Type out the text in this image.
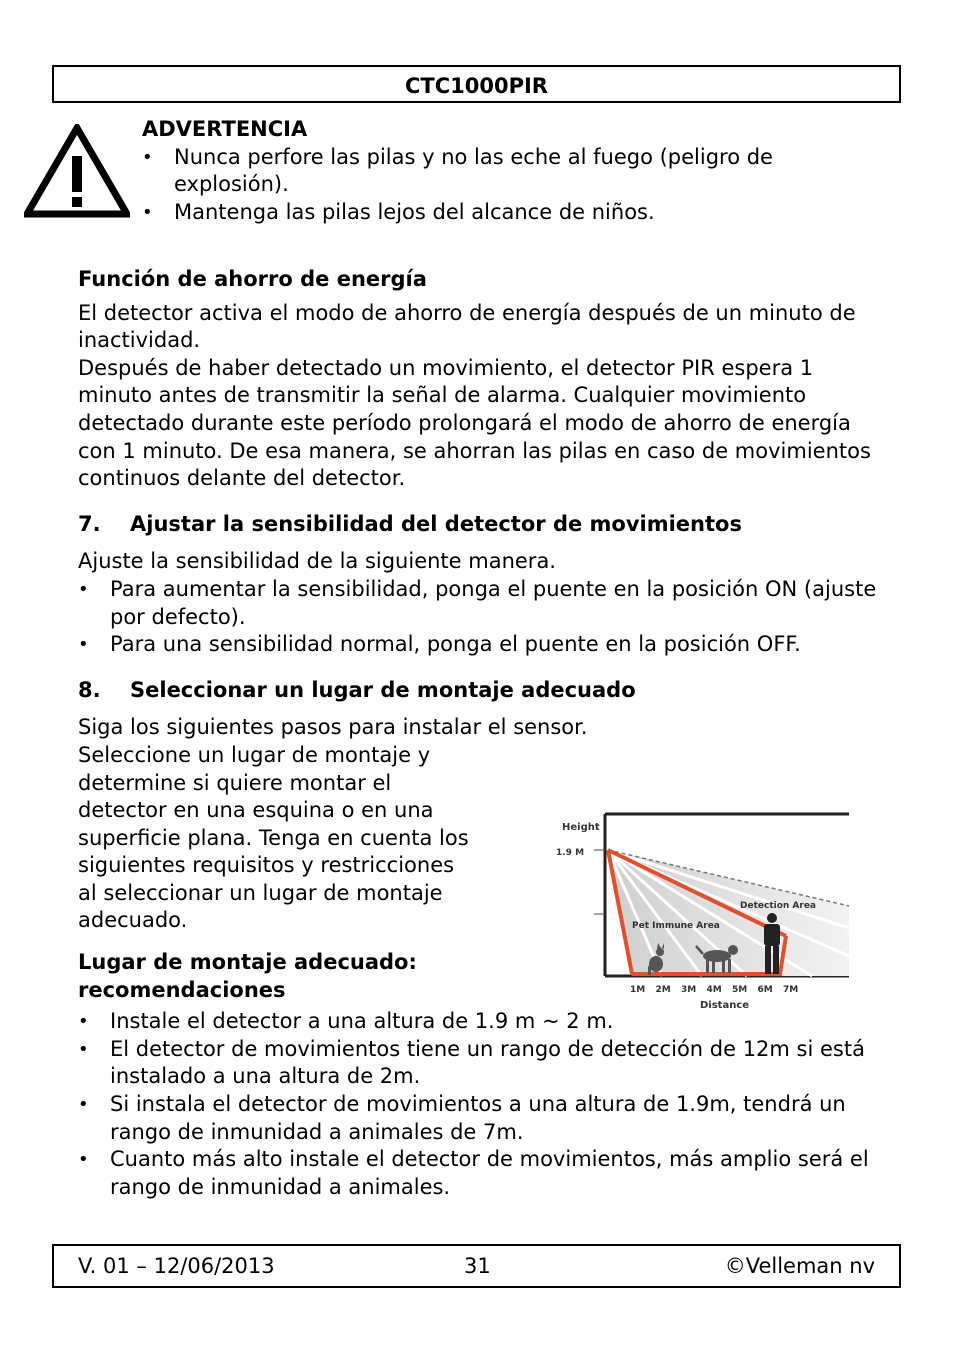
CTC1000PIR
ADVERTENCIA
• Nunca perfore las pilas y no las eche al fuego (peligro de explosión).
• Mantenga las pilas lejos del alcance de niños.
Función de ahorro de energía

El detector activa el modo de ahorro de energía después de un minuto de inactividad.

Después de haber detectado un movimiento, el detector PIR espera 1 minuto antes de transmitir la señal de alarma. Cualquier movimiento detectado durante este período prolongará el modo de ahorro de energía con 1 minuto. De esa manera, se ahorran las pilas en caso de movimientos continuos delante del detector.

7.	Ajustar la sensibilidad del detector de movimientos

Ajuste la sensibilidad de la siguiente manera.

• Para aumentar la sensibilidad, ponga el puente en la posición ON (ajuste por defecto).
• Para una sensibilidad normal, ponga el puente en la posición OFF.
8.	Seleccionar un lugar de montaje adecuado

Siga los siguientes pasos para instalar el sensor.

Seleccione un lugar de montaje y determine si quiere montar el detector en una esquina o en una superficie plana. Tenga en cuenta los siguientes requisitos y restricciones al seleccionar un lugar de montaje adecuado.

Lugar de montaje adecuado: recomendaciones
• Instale el detector a una altura de 1.9 m ~ 2 m.
• El detector de movimientos tiene un rango de detección de 12m si está instalado a una altura de 2m.
• Si instala el detector de movimientos a una altura de 1.9m, tendrá un rango de inmunidad a animales de 7m.
• Cuanto más alto instale el detector de movimientos, más amplio será el rango de inmunidad a animales.
Height
1.9 M
Detection Area
Pet Immune Area
1M 2M 3M 4M 5M 6M 7M
Distance
V. 01 – 12/06/2013	31	©Velleman nv
